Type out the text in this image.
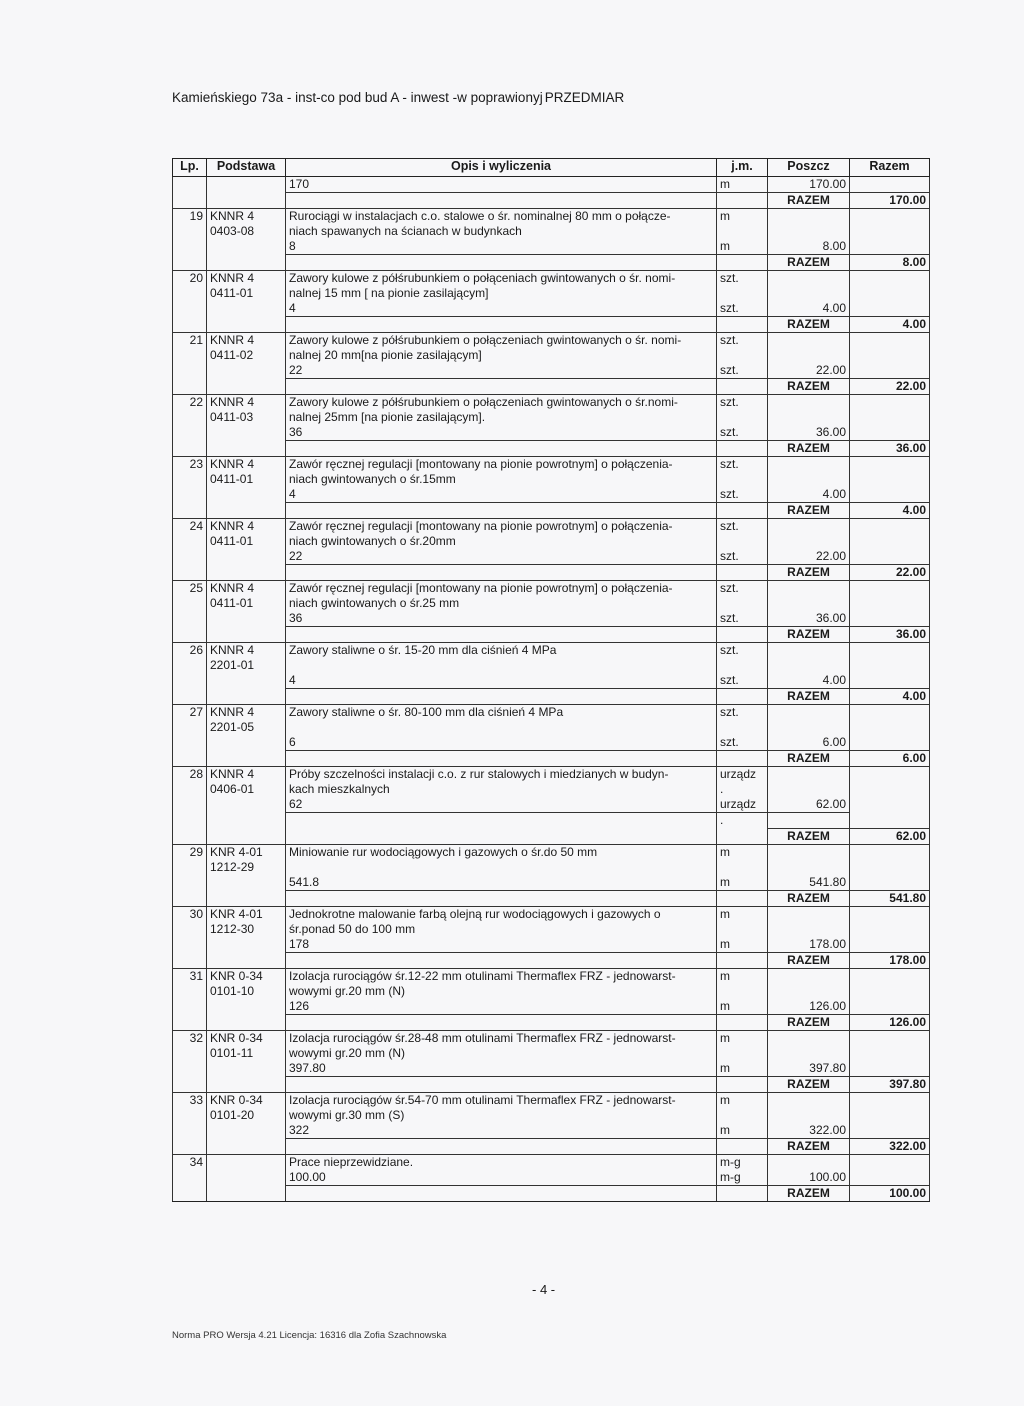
Kamieńskiego 73a - inst-co pod bud A - inwest -w poprawionyj PRZEDMIAR
Lp.	Podstawa	Opis i wyliczenia	j.m.	Poszcz	Razem
		170	m	170.00	
				RAZEM	170.00
19	KNNR 4	Rurociągi w instalacjach c.o. stalowe o śr. nominalnej 80 mm o połącze-	m		
	0403-08	niach spawanych na ścianach w budynkach			
		8	m	8.00	
				RAZEM	8.00
20	KNNR 4	Zawory kulowe z półśrubunkiem o połąceniach gwintowanych o śr. nomi-	szt.		
	0411-01	nalnej 15 mm [ na pionie zasilającym]			
		4	szt.	4.00	
				RAZEM	4.00
21	KNNR 4	Zawory kulowe z półśrubunkiem o połączeniach gwintowanych o śr. nomi-	szt.		
	0411-02	nalnej 20 mm[na pionie zasilającym]			
		22	szt.	22.00	
				RAZEM	22.00
22	KNNR 4	Zawory kulowe z półśrubunkiem o połączeniach gwintowanych o śr.nomi-	szt.		
	0411-03	nalnej 25mm [na pionie zasilającym].			
		36	szt.	36.00	
				RAZEM	36.00
23	KNNR 4	Zawór ręcznej regulacji [montowany na pionie powrotnym] o połączenia-	szt.		
	0411-01	niach gwintowanych o śr.15mm			
		4	szt.	4.00	
				RAZEM	4.00
24	KNNR 4	Zawór ręcznej regulacji [montowany na pionie powrotnym] o połączenia-	szt.		
	0411-01	niach gwintowanych o śr.20mm			
		22	szt.	22.00	
				RAZEM	22.00
25	KNNR 4	Zawór ręcznej regulacji [montowany na pionie powrotnym] o połączenia-	szt.		
	0411-01	niach gwintowanych o śr.25 mm			
		36	szt.	36.00	
				RAZEM	36.00
26	KNNR 4	Zawory staliwne o śr. 15-20 mm dla ciśnień 4 MPa	szt.		
	2201-01				
		4	szt.	4.00	
				RAZEM	4.00
27	KNNR 4	Zawory staliwne o śr. 80-100 mm dla ciśnień 4 MPa	szt.		
	2201-05				
		6	szt.	6.00	
				RAZEM	6.00
28	KNNR 4	Próby szczelności instalacji c.o. z rur stalowych i miedzianych w budyn-	urządz		
	0406-01	kach mieszkalnych	.		
		62	urządz	62.00	
			.		
				RAZEM	62.00
29	KNR 4-01	Miniowanie rur wodociągowych i gazowych o śr.do 50 mm	m		
	1212-29				
		541.8	m	541.80	
				RAZEM	541.80
30	KNR 4-01	Jednokrotne malowanie farbą olejną rur wodociągowych i gazowych o	m		
	1212-30	śr.ponad 50 do 100 mm			
		178	m	178.00	
				RAZEM	178.00
31	KNR 0-34	Izolacja rurociągów śr.12-22 mm otulinami Thermaflex FRZ - jednowarst-	m		
	0101-10	wowymi gr.20 mm (N)			
		126	m	126.00	
				RAZEM	126.00
32	KNR 0-34	Izolacja rurociągów śr.28-48 mm otulinami Thermaflex FRZ - jednowarst-	m		
	0101-11	wowymi gr.20 mm (N)			
		397.80	m	397.80	
				RAZEM	397.80
33	KNR 0-34	Izolacja rurociągów śr.54-70 mm otulinami Thermaflex FRZ - jednowarst-	m		
	0101-20	wowymi gr.30 mm (S)			
		322	m	322.00	
				RAZEM	322.00
34		Prace nieprzewidziane.	m-g		
		100.00	m-g	100.00	
				RAZEM	100.00
- 4 -
Norma PRO Wersja 4.21 Licencja: 16316 dla Zofia Szachnowska
